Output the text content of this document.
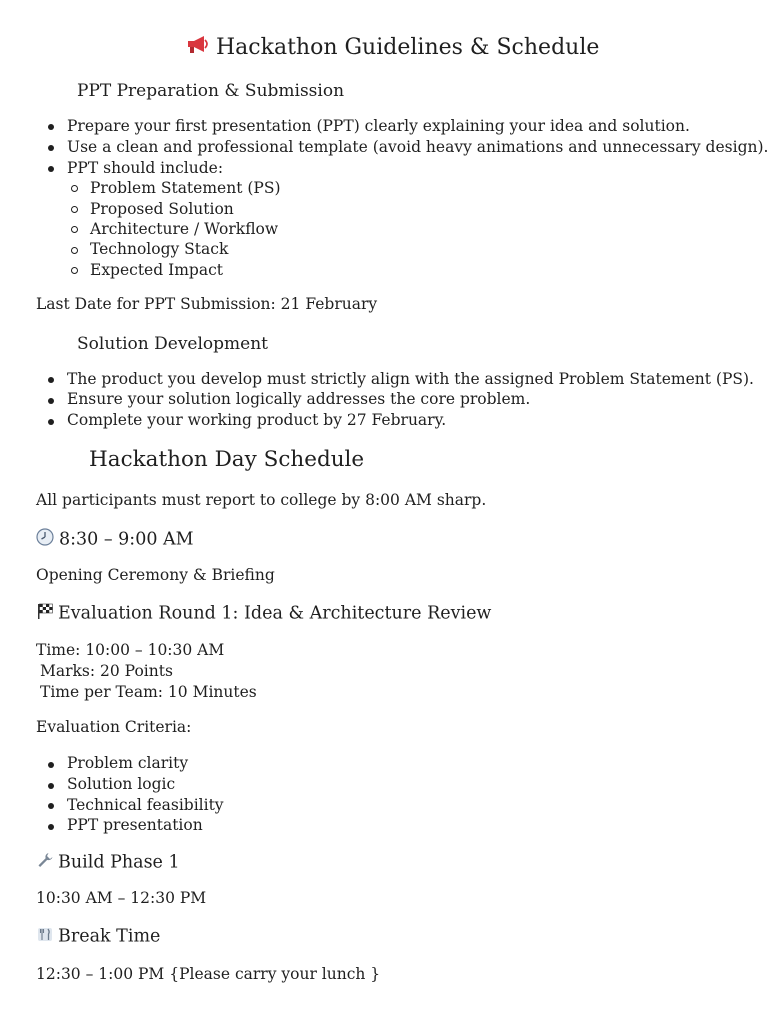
Hackathon Guidelines & Schedule
PPT Preparation & Submission
Prepare your first presentation (PPT) clearly explaining your idea and solution.
Use a clean and professional template (avoid heavy animations and unnecessary design).
PPT should include:
Problem Statement (PS)
Proposed Solution
Architecture / Workflow
Technology Stack
Expected Impact
Last Date for PPT Submission: 21 February
Solution Development
The product you develop must strictly align with the assigned Problem Statement (PS).
Ensure your solution logically addresses the core problem.
Complete your working product by 27 February.
Hackathon Day Schedule
All participants must report to college by 8:00 AM sharp.
8:30 – 9:00 AM
Opening Ceremony & Briefing
Evaluation Round 1: Idea & Architecture Review
Time: 10:00 – 10:30 AM
Marks: 20 Points
Time per Team: 10 Minutes
Evaluation Criteria:
Problem clarity
Solution logic
Technical feasibility
PPT presentation
Build Phase 1
10:30 AM – 12:30 PM
Break Time
12:30 – 1:00 PM {Please carry your lunch }
